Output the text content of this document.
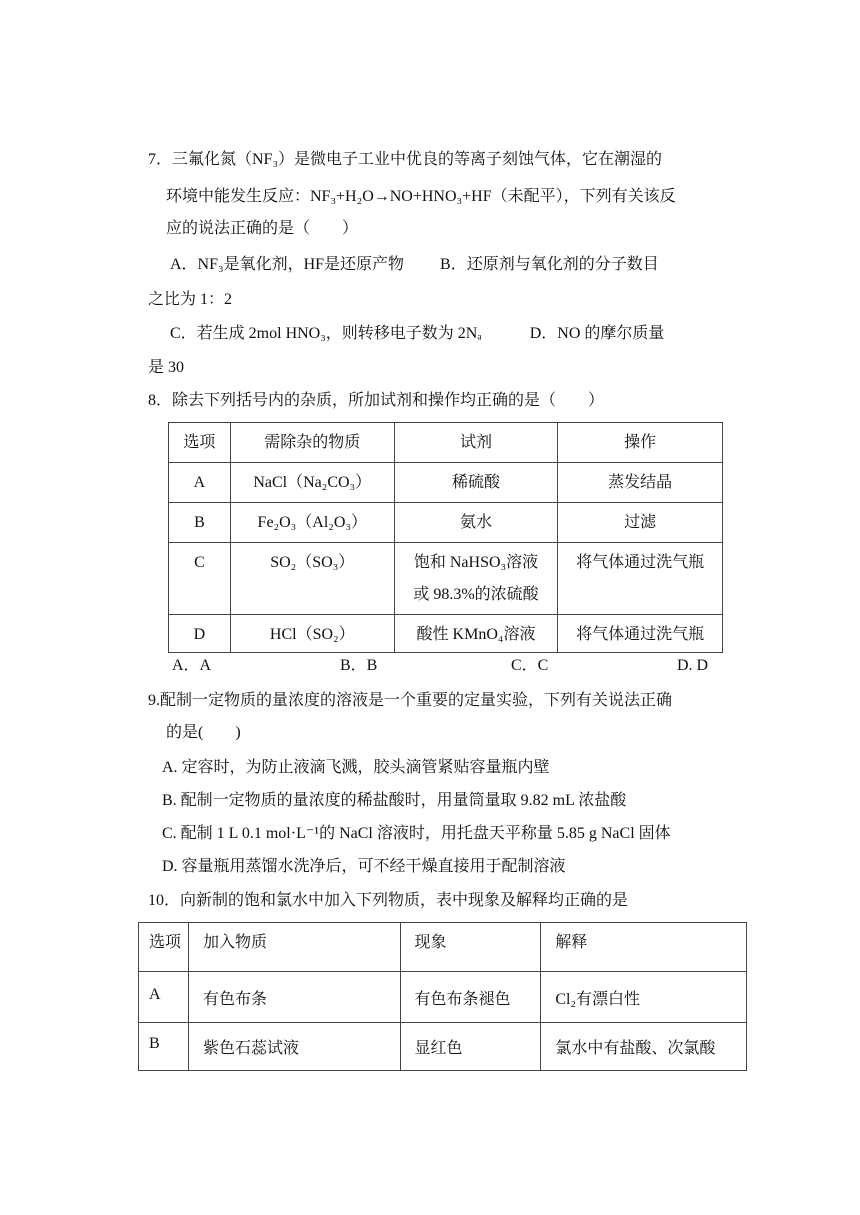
7．三氟化氮（NF₃）是微电子工业中优良的等离子刻蚀气体，它在潮湿的
环境中能发生反应：NF₃+H₂O→NO+HNO₃+HF（未配平），下列有关该反
应的说法正确的是（　　）
A．NF₃是氧化剂，HF是还原产物　　 B．还原剂与氧化剂的分子数目
之比为 1：2
C．若生成 2mol HNO₃，则转移电子数为 2Nₐ　　　D．NO 的摩尔质量
是 30
8．除去下列括号内的杂质，所加试剂和操作均正确的是（　　）
选项	需除杂的物质	试剂	操作

A	NaCl（Na₂CO₃）	稀硫酸	蒸发结晶

B	Fe₂O₃（Al₂O₃）	氨水	过滤

C	SO₂（SO₃）	饱和 NaHSO₃溶液
或 98.3%的浓硫酸	将气体通过洗气瓶

D	HCl（SO₂）	酸性 KMnO₄溶液	将气体通过洗气瓶
A．A	B．B	C．C	D. D
9.配制一定物质的量浓度的溶液是一个重要的定量实验，下列有关说法正确
的是(　　)
A. 定容时，为防止液滴飞溅，胶头滴管紧贴容量瓶内壁
B. 配制一定物质的量浓度的稀盐酸时，用量筒量取 9.82 mL 浓盐酸
C. 配制 1 L 0.1 mol·L⁻¹的 NaCl 溶液时，用托盘天平称量 5.85 g NaCl 固体
D. 容量瓶用蒸馏水洗净后，可不经干燥直接用于配制溶液
10．向新制的饱和氯水中加入下列物质，表中现象及解释均正确的是
选项	加入物质	现象	解释
A	有色布条	有色布条褪色	Cl₂有漂白性
B	紫色石蕊试液	显红色	氯水中有盐酸、次氯酸
